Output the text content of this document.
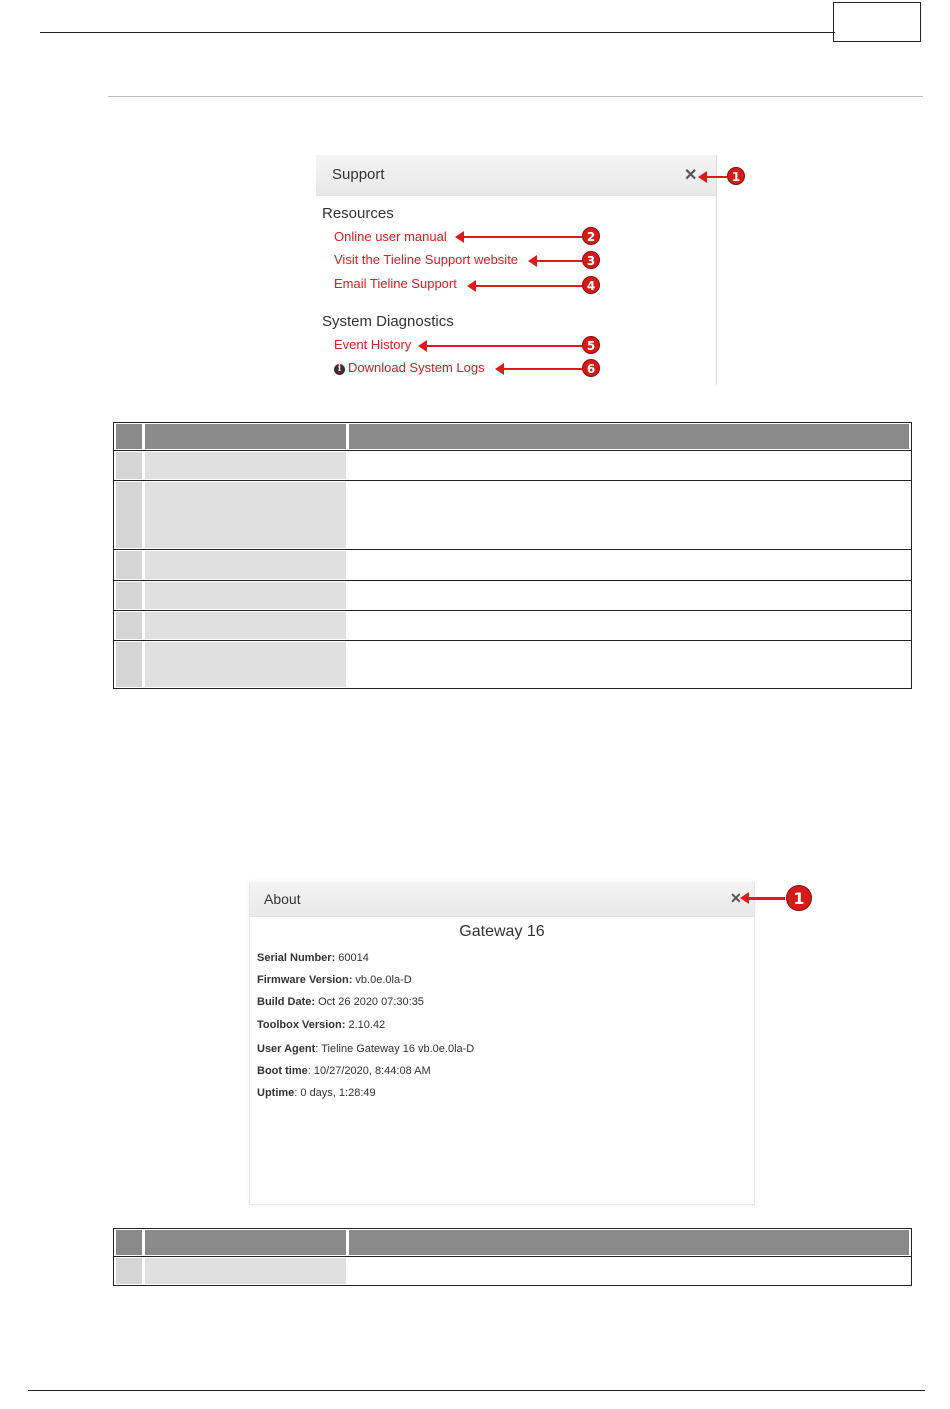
Support	✕
Resources
Online user manual
Visit the Tieline Support website
Email Tieline Support
System Diagnostics
Event History
i Download System Logs
1
2
3
4
5
6
About	✕
Gateway 16
Serial Number: 60014
Firmware Version: vb.0e.0la-D
Build Date: Oct 26 2020 07:30:35
Toolbox Version: 2.10.42
User Agent: Tieline Gateway 16 vb.0e.0la-D
Boot time: 10/27/2020, 8:44:08 AM
Uptime: 0 days, 1:28:49
1
